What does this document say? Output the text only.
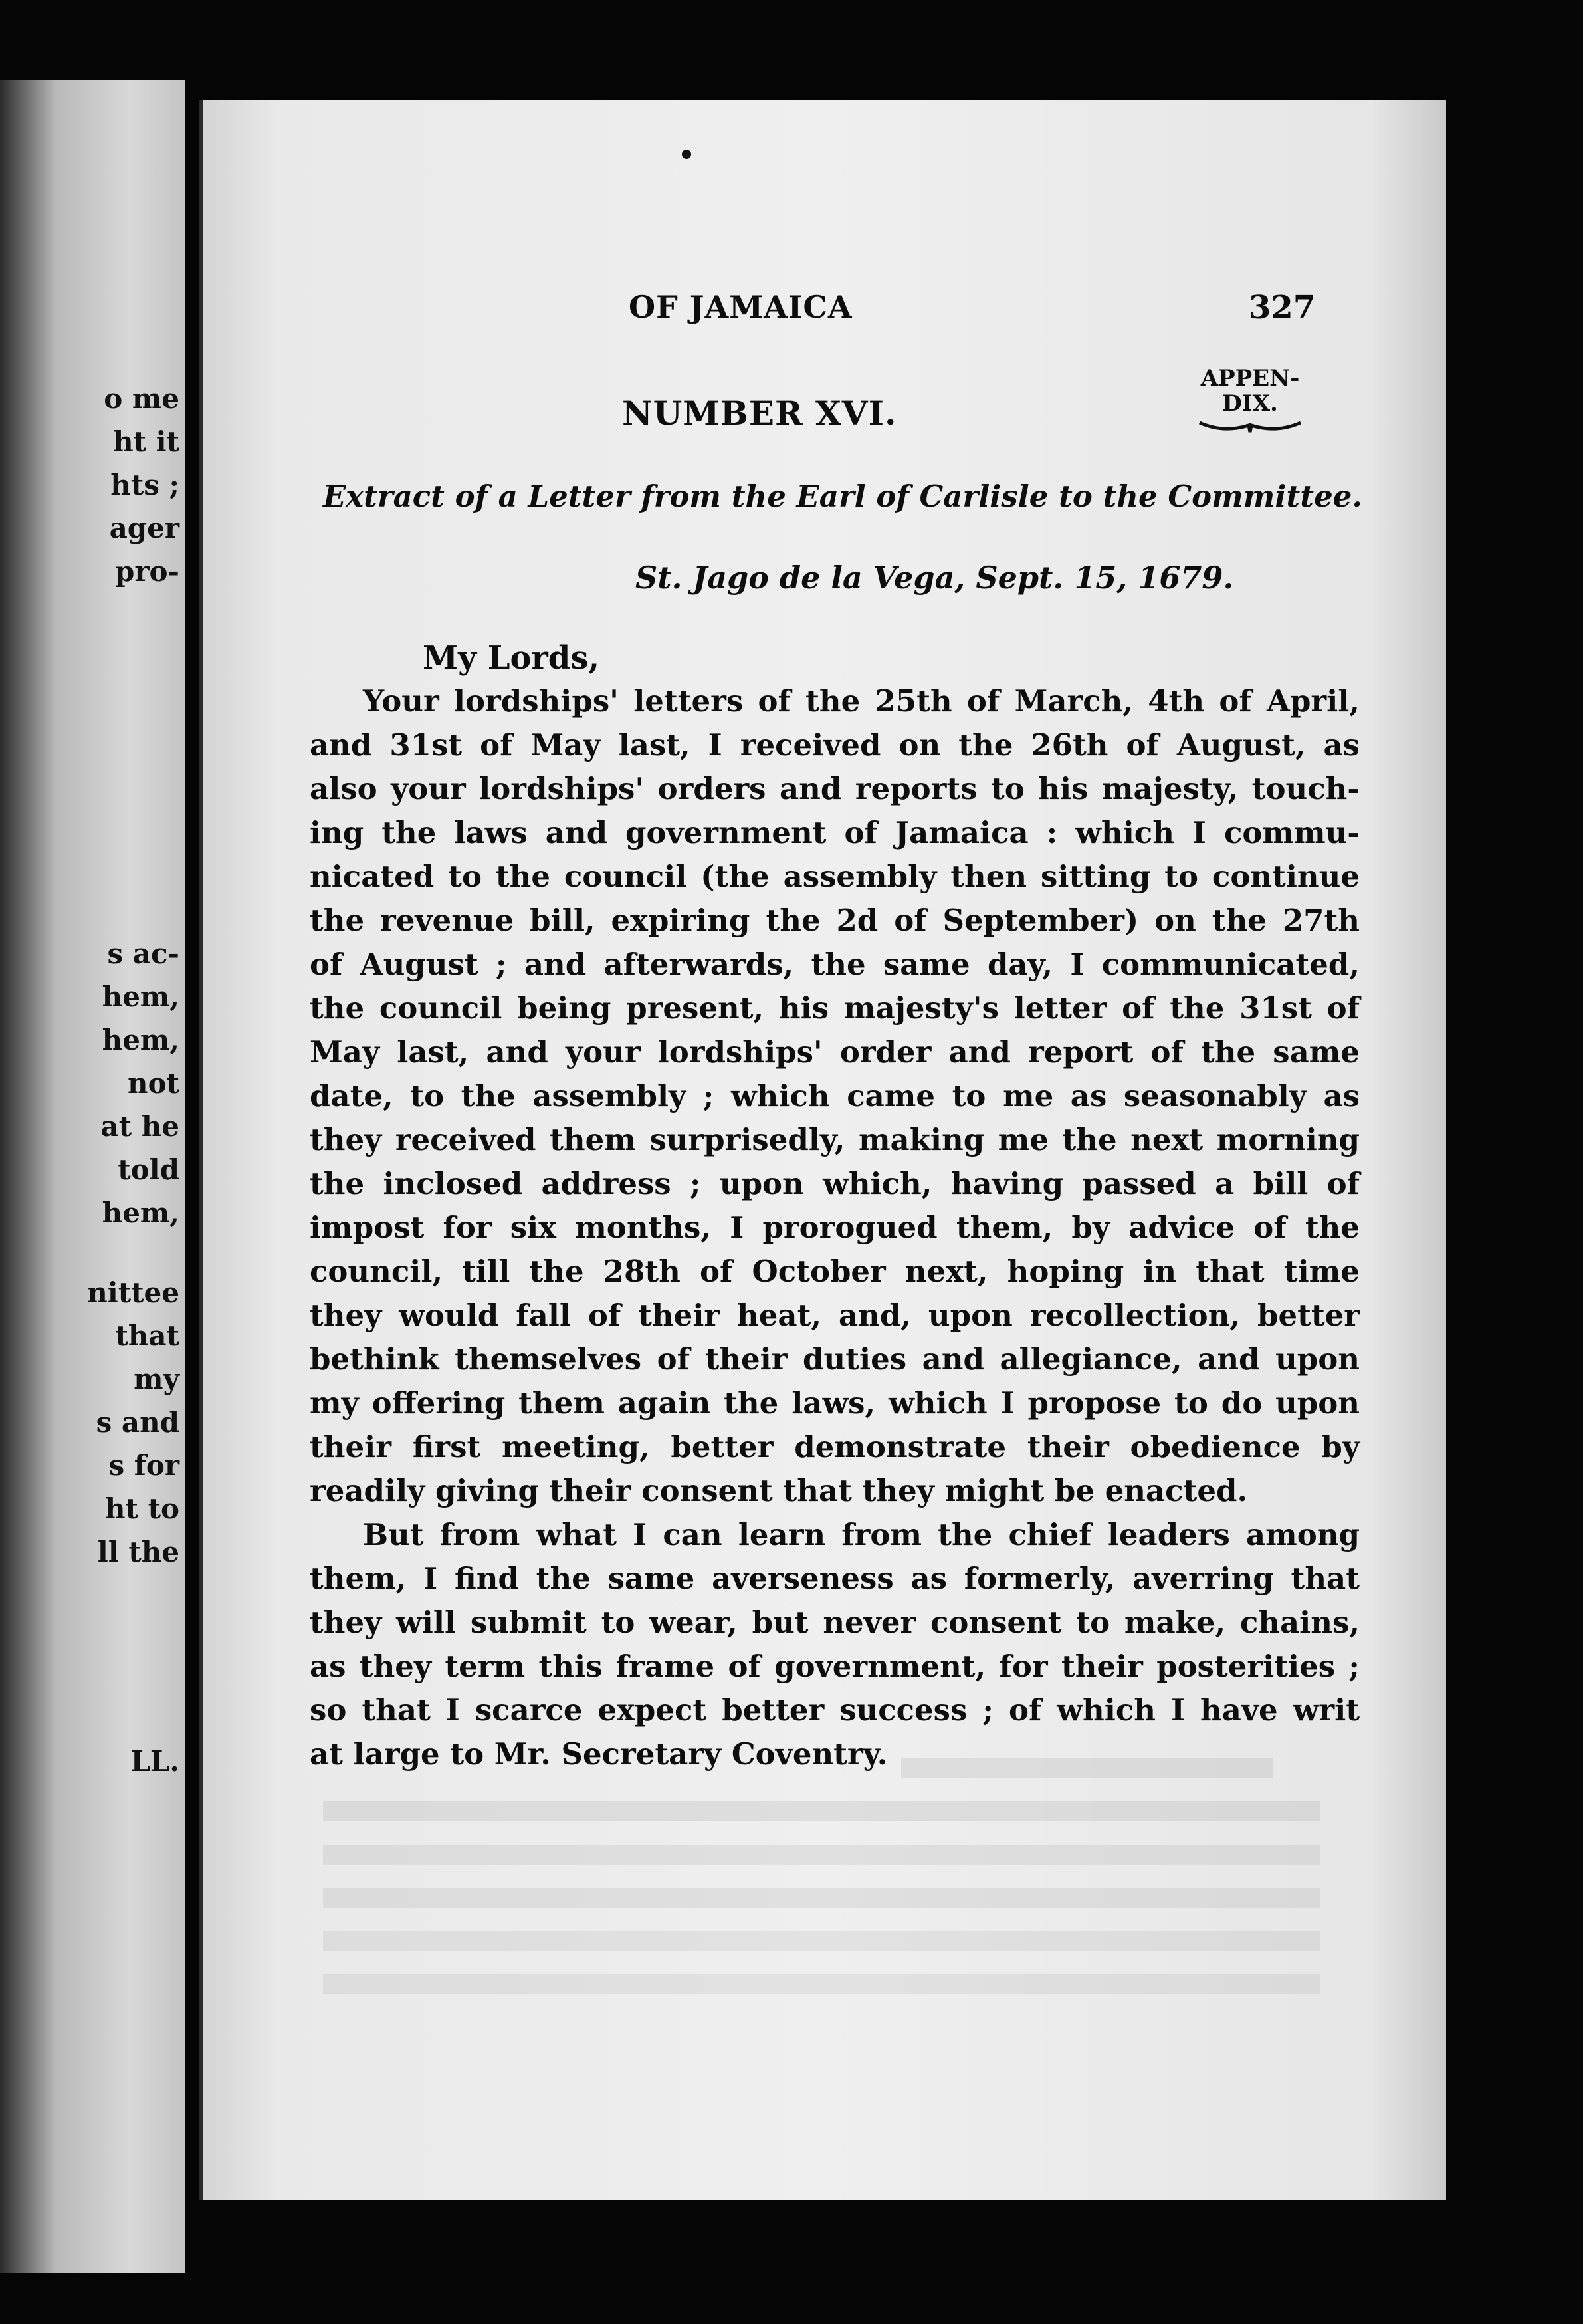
o me
ht it
hts ;
ager
pro-
s ac-
hem,
hem,
not
at he
told
hem,
nittee
that
my
s and
s for
ht to
ll the
LL.
OF JAMAICA	327
APPEN-
DIX.
NUMBER XVI.
Extract of a Letter from the Earl of Carlisle to the Committee.
St. Jago de la Vega, Sept. 15, 1679.
My Lords,
Your lordships' letters of the 25th of March, 4th of April,
and 31st of May last, I received on the 26th of August, as
also your lordships' orders and reports to his majesty, touch-
ing the laws and government of Jamaica : which I commu-
nicated to the council (the assembly then sitting to continue
the revenue bill, expiring the 2d of September) on the 27th
of August ; and afterwards, the same day, I communicated,
the council being present, his majesty's letter of the 31st of
May last, and your lordships' order and report of the same
date, to the assembly ; which came to me as seasonably as
they received them surprisedly, making me the next morning
the inclosed address ; upon which, having passed a bill of
impost for six months, I prorogued them, by advice of the
council, till the 28th of October next, hoping in that time
they would fall of their heat, and, upon recollection, better
bethink themselves of their duties and allegiance, and upon
my offering them again the laws, which I propose to do upon
their first meeting, better demonstrate their obedience by
readily giving their consent that they might be enacted.
But from what I can learn from the chief leaders among
them, I find the same averseness as formerly, averring that
they will submit to wear, but never consent to make, chains,
as they term this frame of government, for their posterities ;
so that I scarce expect better success ; of which I have writ
at large to Mr. Secretary Coventry.
